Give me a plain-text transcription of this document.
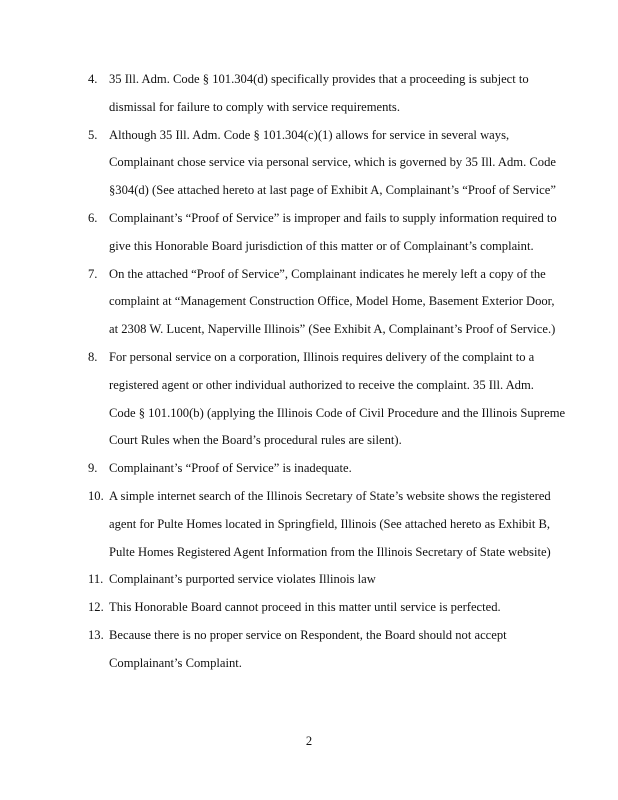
4. 35 Ill. Adm. Code § 101.304(d) specifically provides that a proceeding is subject to
dismissal for failure to comply with service requirements.
5. Although 35 Ill. Adm. Code § 101.304(c)(1) allows for service in several ways,
Complainant chose service via personal service, which is governed by 35 Ill. Adm. Code
§304(d) (See attached hereto at last page of Exhibit A, Complainant’s “Proof of Service”
6. Complainant’s “Proof of Service” is improper and fails to supply information required to
give this Honorable Board jurisdiction of this matter or of Complainant’s complaint.
7. On the attached “Proof of Service”, Complainant indicates he merely left a copy of the
complaint at “Management Construction Office, Model Home, Basement Exterior Door,
at 2308 W. Lucent, Naperville Illinois” (See Exhibit A, Complainant’s Proof of Service.)
8. For personal service on a corporation, Illinois requires delivery of the complaint to a
registered agent or other individual authorized to receive the complaint. 35 Ill. Adm.
Code § 101.100(b) (applying the Illinois Code of Civil Procedure and the Illinois Supreme
Court Rules when the Board’s procedural rules are silent).
9. Complainant’s “Proof of Service” is inadequate.
10. A simple internet search of the Illinois Secretary of State’s website shows the registered
agent for Pulte Homes located in Springfield, Illinois (See attached hereto as Exhibit B,
Pulte Homes Registered Agent Information from the Illinois Secretary of State website)
11. Complainant’s purported service violates Illinois law
12. This Honorable Board cannot proceed in this matter until service is perfected.
13. Because there is no proper service on Respondent, the Board should not accept
Complainant’s Complaint.
2
